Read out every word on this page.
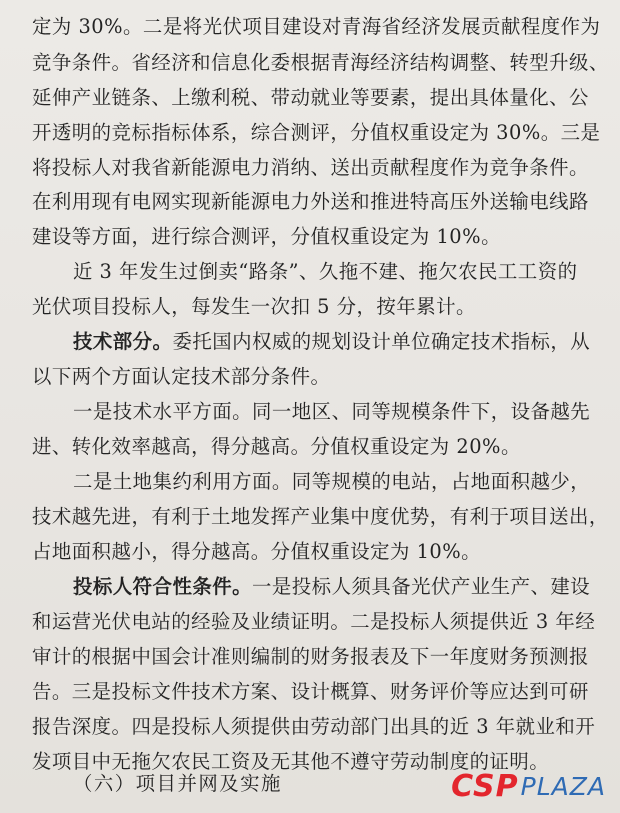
定为 30%。二是将光伏项目建设对青海省经济发展贡献程度作为
竞争条件。省经济和信息化委根据青海经济结构调整、转型升级、
延伸产业链条、上缴利税、带动就业等要素，提出具体量化、公
开透明的竞标指标体系，综合测评，分值权重设定为 30%。三是
将投标人对我省新能源电力消纳、送出贡献程度作为竞争条件。
在利用现有电网实现新能源电力外送和推进特高压外送输电线路
建设等方面，进行综合测评，分值权重设定为 10%。
近 3 年发生过倒卖“路条”、久拖不建、拖欠农民工工资的
光伏项目投标人，每发生一次扣 5 分，按年累计。
技术部分。委托国内权威的规划设计单位确定技术指标，从
以下两个方面认定技术部分条件。
一是技术水平方面。同一地区、同等规模条件下，设备越先
进、转化效率越高，得分越高。分值权重设定为 20%。
二是土地集约利用方面。同等规模的电站，占地面积越少，
技术越先进，有利于土地发挥产业集中度优势，有利于项目送出，
占地面积越小，得分越高。分值权重设定为 10%。
投标人符合性条件。一是投标人须具备光伏产业生产、建设
和运营光伏电站的经验及业绩证明。二是投标人须提供近 3 年经
审计的根据中国会计准则编制的财务报表及下一年度财务预测报
告。三是投标文件技术方案、设计概算、财务评价等应达到可研
报告深度。四是投标人须提供由劳动部门出具的近 3 年就业和开
发项目中无拖欠农民工资及无其他不遵守劳动制度的证明。
（六）项目并网及实施	CSP PLAZA
